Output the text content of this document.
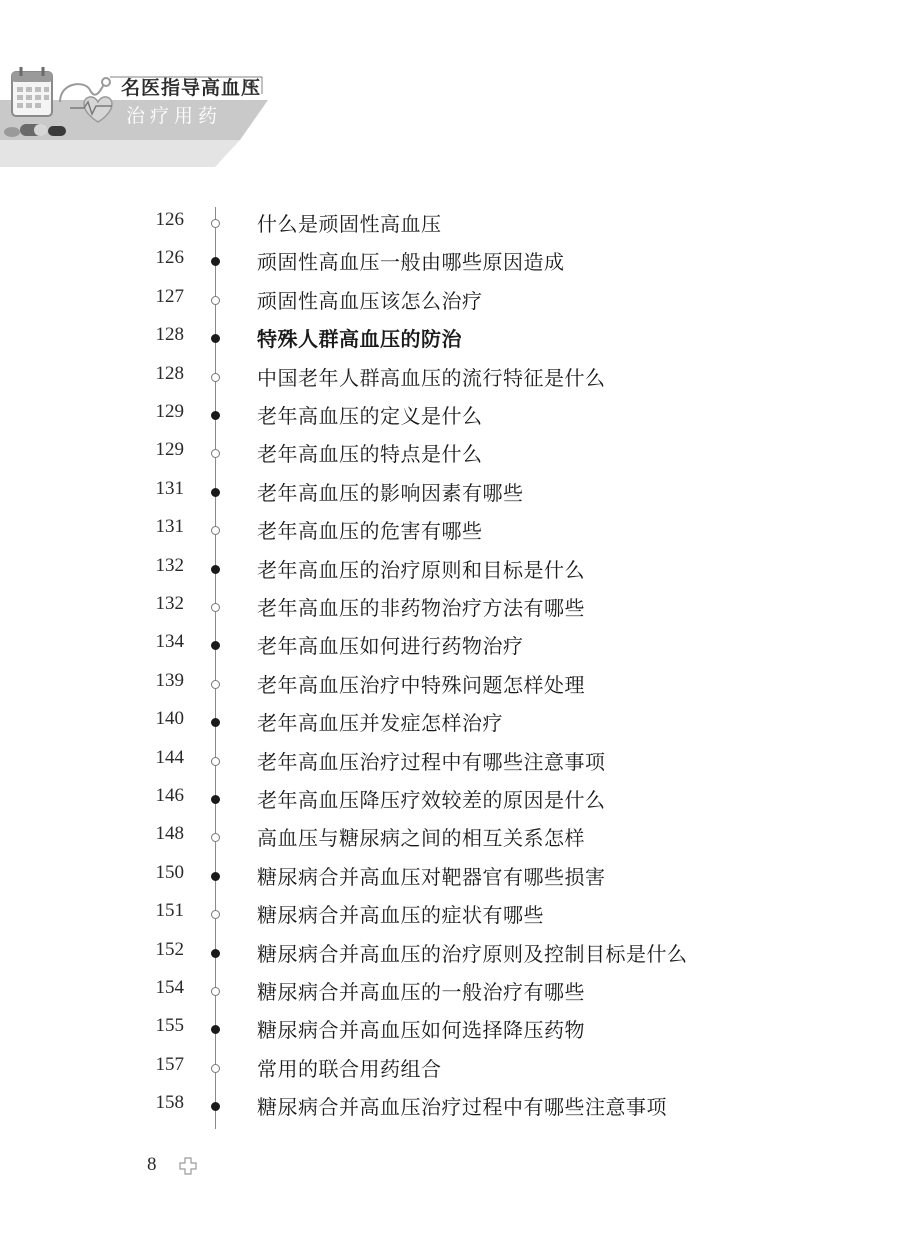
名医指导高血压
治疗用药
126	什么是顽固性高血压
126	顽固性高血压一般由哪些原因造成
127	顽固性高血压该怎么治疗
128	特殊人群高血压的防治
128	中国老年人群高血压的流行特征是什么
129	老年高血压的定义是什么
129	老年高血压的特点是什么
131	老年高血压的影响因素有哪些
131	老年高血压的危害有哪些
132	老年高血压的治疗原则和目标是什么
132	老年高血压的非药物治疗方法有哪些
134	老年高血压如何进行药物治疗
139	老年高血压治疗中特殊问题怎样处理
140	老年高血压并发症怎样治疗
144	老年高血压治疗过程中有哪些注意事项
146	老年高血压降压疗效较差的原因是什么
148	高血压与糖尿病之间的相互关系怎样
150	糖尿病合并高血压对靶器官有哪些损害
151	糖尿病合并高血压的症状有哪些
152	糖尿病合并高血压的治疗原则及控制目标是什么
154	糖尿病合并高血压的一般治疗有哪些
155	糖尿病合并高血压如何选择降压药物
157	常用的联合用药组合
158	糖尿病合并高血压治疗过程中有哪些注意事项
8
